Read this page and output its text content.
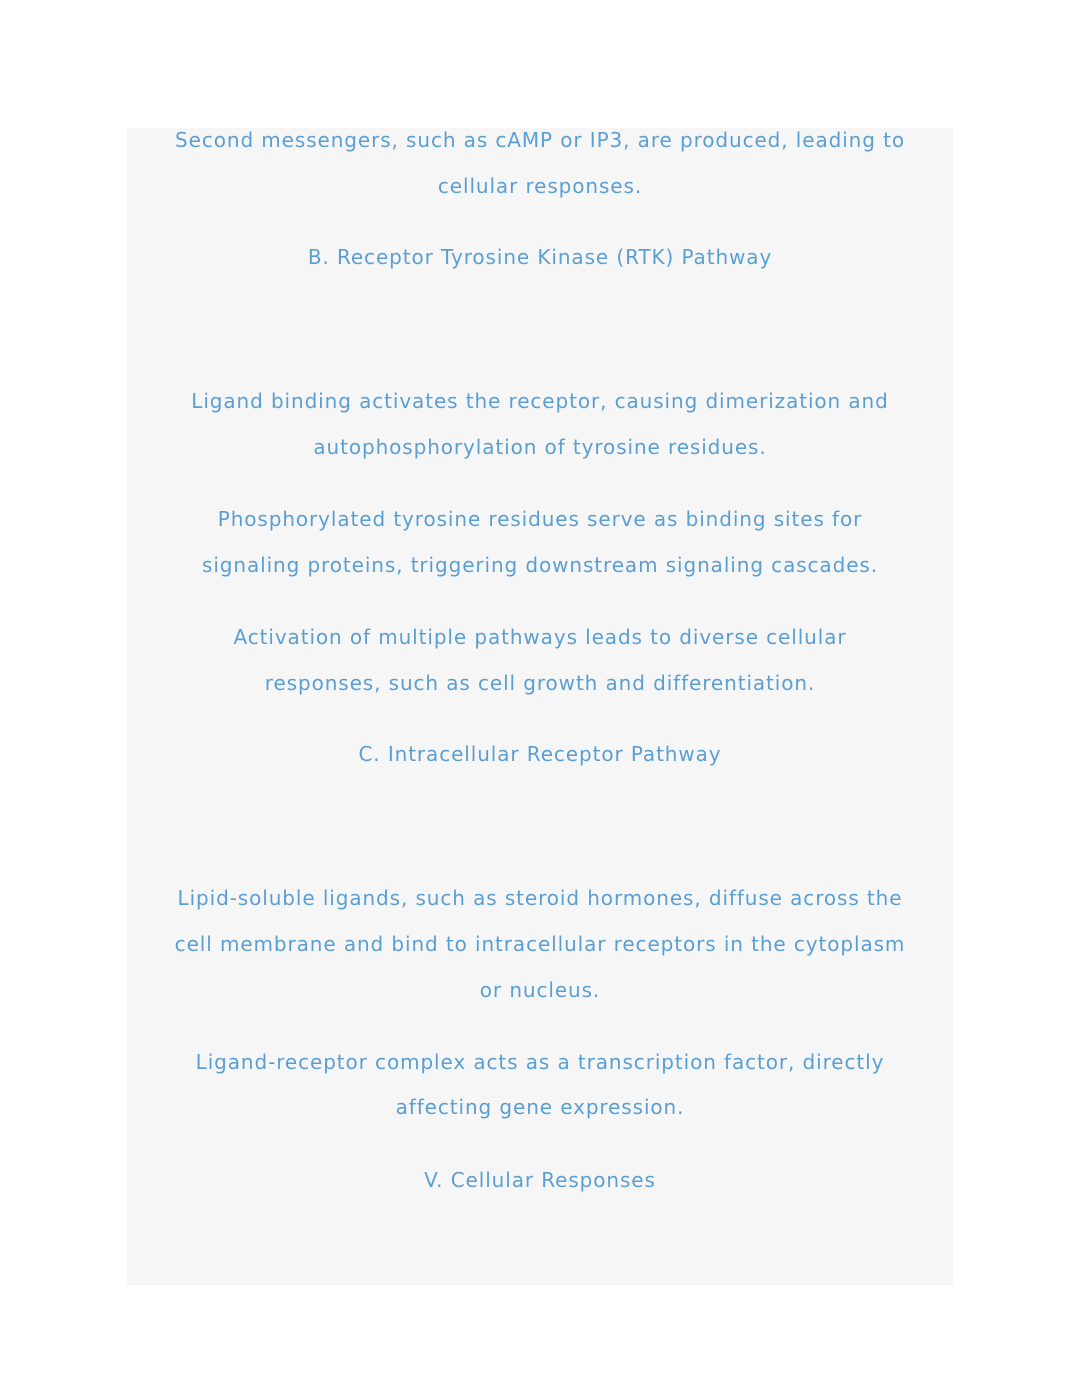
Second messengers, such as cAMP or IP3, are produced, leading to
cellular responses.
B. Receptor Tyrosine Kinase (RTK) Pathway
Ligand binding activates the receptor, causing dimerization and
autophosphorylation of tyrosine residues.
Phosphorylated tyrosine residues serve as binding sites for
signaling proteins, triggering downstream signaling cascades.
Activation of multiple pathways leads to diverse cellular
responses, such as cell growth and differentiation.
C. Intracellular Receptor Pathway
Lipid-soluble ligands, such as steroid hormones, diffuse across the
cell membrane and bind to intracellular receptors in the cytoplasm
or nucleus.
Ligand-receptor complex acts as a transcription factor, directly
affecting gene expression.
V. Cellular Responses
